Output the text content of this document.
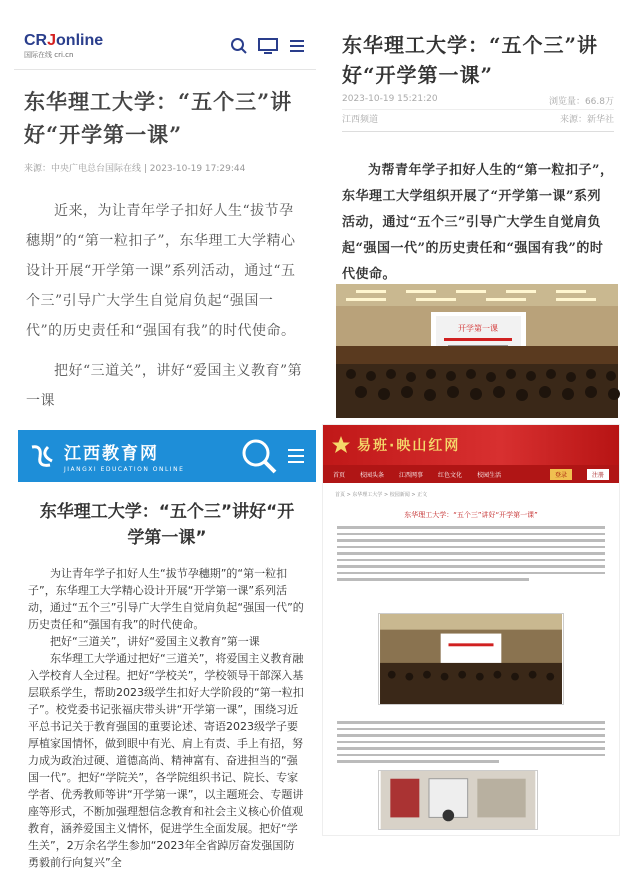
CRJonline
国际在线 cri.cn
东华理工大学：“五个三”讲好“开学第一课”
来源：中央广电总台国际在线 | 2023-10-19 17:29:44

近来，为让青年学子扣好人生“拔节孕穗期”的“第一粒扣子”，东华理工大学精心设计开展“开学第一课”系列活动，通过“五个三”引导广大学生自觉肩负起“强国一代”的历史责任和“强国有我”的时代使命。

把好“三道关”，讲好“爱国主义教育”第一课

东华理工大学：“五个三”讲好“开学第一课”
2023-10-19 15:21:20	浏览量：66.8万
江西频道	来源：新华社
为帮青年学子扣好人生的“第一粒扣子”，东华理工大学组织开展了“开学第一课”系列活动，通过“五个三”引导广大学生自觉肩负起“强国一代”的历史责任和“强国有我”的时代使命。
开学第一课
江西教育网
JIANGXI EDUCATION ONLINE
东华理工大学：“五个三”讲好“开学第一课”

为让青年学子扣好人生“拔节孕穗期”的“第一粒扣子”，东华理工大学精心设计开展“开学第一课”系列活动，通过“五个三”引导广大学生自觉肩负起“强国一代”的历史责任和“强国有我”的时代使命。

把好“三道关”，讲好“爱国主义教育”第一课

东华理工大学通过把好“三道关”，将爱国主义教育融入学校育人全过程。把好“学校关”，学校领导干部深入基层联系学生，帮助2023级学生扣好大学阶段的“第一粒扣子”。校党委书记张福庆带头讲“开学第一课”，围绕习近平总书记关于教育强国的重要论述、寄语2023级学子要厚植家国情怀，做到眼中有光、肩上有责、手上有招，努力成为政治过硬、道德高尚、精神富有、奋进担当的“强国一代”。把好“学院关”，各学院组织书记、院长、专家学者、优秀教师等讲“开学第一课”，以主题班会、专题讲座等形式，不断加强理想信念教育和社会主义核心价值观教育，涵养爱国主义情怀，促进学生全面发展。把好“学生关”，2万余名学生参加“2023年全省踔厉奋发强国防 勇毅前行向复兴”全

易班·映山红网
首页	校园头条	江西网事	红色文化	校园生活	登录	注册
首页 > 东华理工大学 > 校园新闻 > 正文
东华理工大学：“五个三”讲好“开学第一课”
